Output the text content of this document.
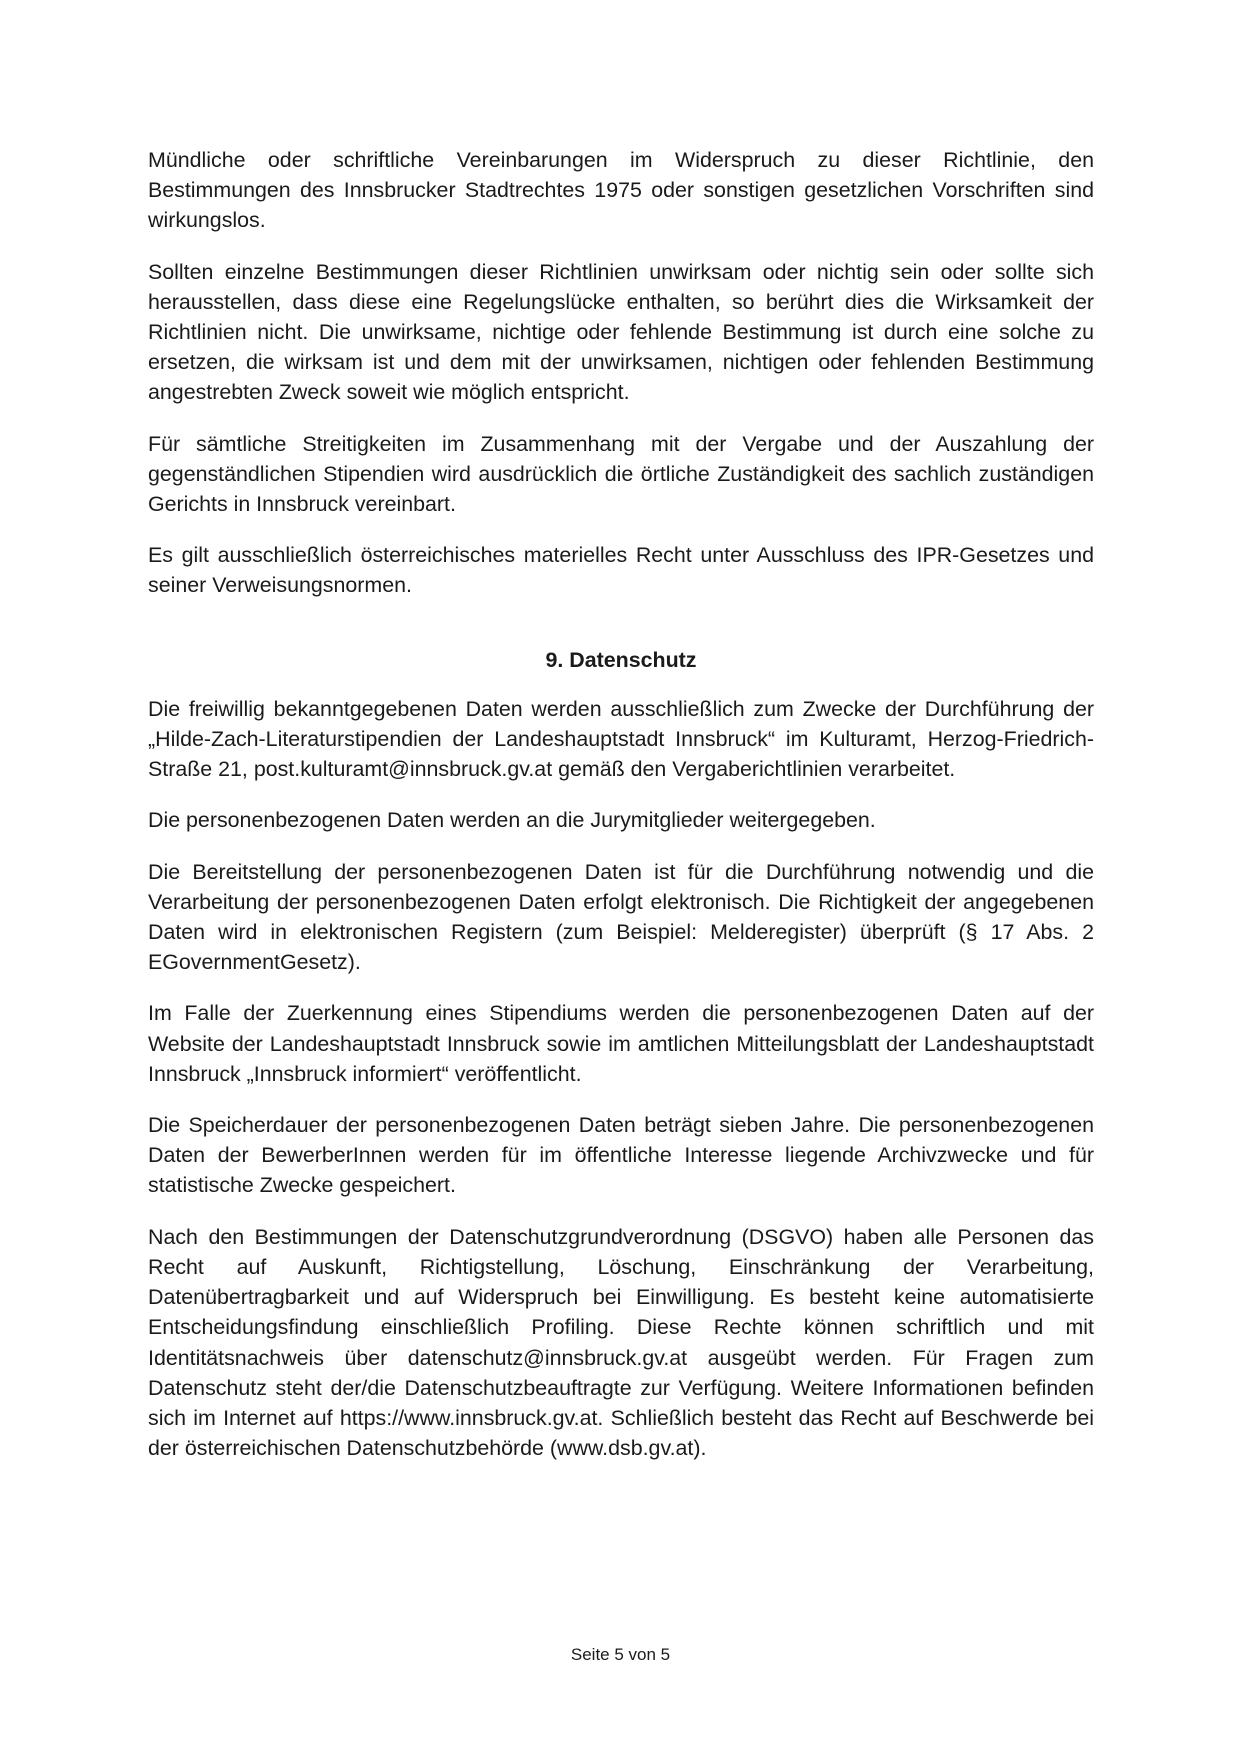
Mündliche oder schriftliche Vereinbarungen im Widerspruch zu dieser Richtlinie, den Bestimmungen des Innsbrucker Stadtrechtes 1975 oder sonstigen gesetzlichen Vorschriften sind wirkungslos.

Sollten einzelne Bestimmungen dieser Richtlinien unwirksam oder nichtig sein oder sollte sich herausstellen, dass diese eine Regelungslücke enthalten, so berührt dies die Wirksamkeit der Richtlinien nicht. Die unwirksame, nichtige oder fehlende Bestimmung ist durch eine solche zu ersetzen, die wirksam ist und dem mit der unwirksamen, nichtigen oder fehlenden Bestimmung angestrebten Zweck soweit wie möglich entspricht.

Für sämtliche Streitigkeiten im Zusammenhang mit der Vergabe und der Auszahlung der gegenständlichen Stipendien wird ausdrücklich die örtliche Zuständigkeit des sachlich zuständigen Gerichts in Innsbruck vereinbart.

Es gilt ausschließlich österreichisches materielles Recht unter Ausschluss des IPR-Gesetzes und seiner Verweisungsnormen.

9. Datenschutz

Die freiwillig bekanntgegebenen Daten werden ausschließlich zum Zwecke der Durchführung der „Hilde-Zach-Literaturstipendien der Landeshauptstadt Innsbruck“ im Kulturamt, Herzog-Friedrich-Straße 21, post.kulturamt@innsbruck.gv.at gemäß den Vergaberichtlinien verarbeitet.

Die personenbezogenen Daten werden an die Jurymitglieder weitergegeben.

Die Bereitstellung der personenbezogenen Daten ist für die Durchführung notwendig und die Verarbeitung der personenbezogenen Daten erfolgt elektronisch. Die Richtigkeit der angegebenen Daten wird in elektronischen Registern (zum Beispiel: Melderegister) überprüft (§ 17 Abs. 2 EGovernmentGesetz).

Im Falle der Zuerkennung eines Stipendiums werden die personenbezogenen Daten auf der Website der Landeshauptstadt Innsbruck sowie im amtlichen Mitteilungsblatt der Landeshauptstadt Innsbruck „Innsbruck informiert“ veröffentlicht.

Die Speicherdauer der personenbezogenen Daten beträgt sieben Jahre. Die personenbezogenen Daten der BewerberInnen werden für im öffentliche Interesse liegende Archivzwecke und für statistische Zwecke gespeichert.

Nach den Bestimmungen der Datenschutzgrundverordnung (DSGVO) haben alle Personen das Recht auf Auskunft, Richtigstellung, Löschung, Einschränkung der Verarbeitung, Datenübertragbarkeit und auf Widerspruch bei Einwilligung. Es besteht keine automatisierte Entscheidungsfindung einschließlich Profiling. Diese Rechte können schriftlich und mit Identitätsnachweis über datenschutz@innsbruck.gv.at ausgeübt werden. Für Fragen zum Datenschutz steht der/die Datenschutzbeauftragte zur Verfügung. Weitere Informationen befinden sich im Internet auf https://www.innsbruck.gv.at. Schließlich besteht das Recht auf Beschwerde bei der österreichischen Datenschutzbehörde (www.dsb.gv.at).

Seite 5 von 5
